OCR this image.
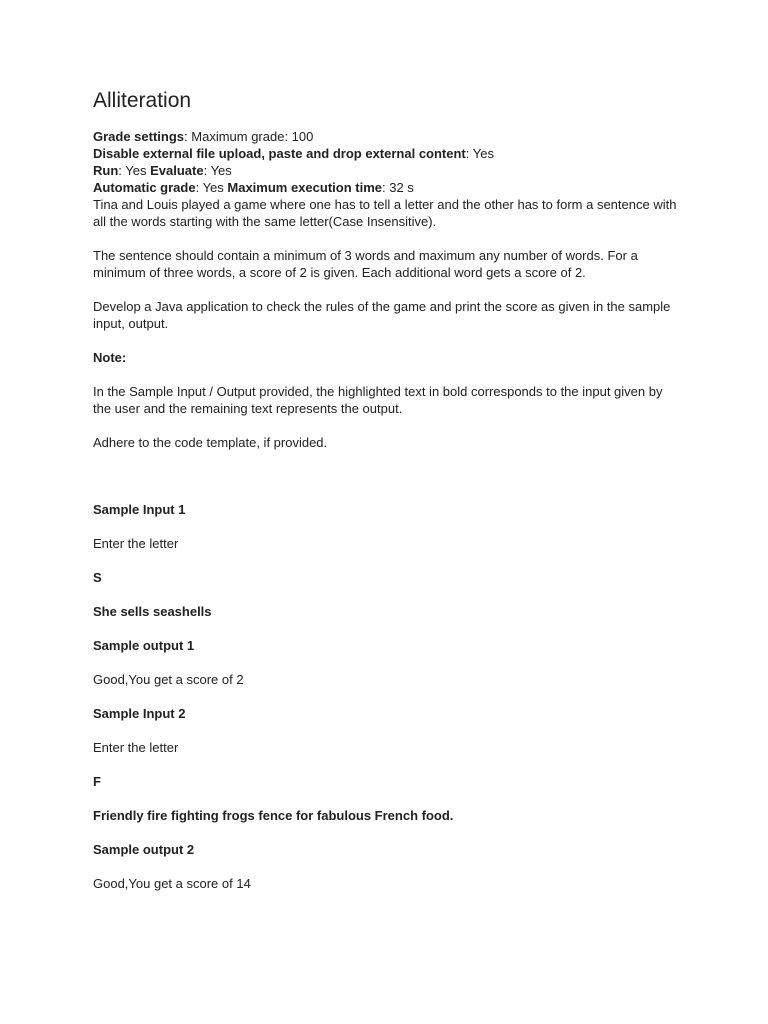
Alliteration

Grade settings: Maximum grade: 100

Disable external file upload, paste and drop external content: Yes

Run: Yes Evaluate: Yes

Automatic grade: Yes Maximum execution time: 32 s

Tina and Louis played a game where one has to tell a letter and the other has to form a sentence with all the words starting with the same letter(Case Insensitive).

The sentence should contain a minimum of 3 words and maximum any number of words. For a minimum of three words, a score of 2 is given. Each additional word gets a score of 2.

Develop a Java application to check the rules of the game and print the score as given in the sample input, output.

Note:

In the Sample Input / Output provided, the highlighted text in bold corresponds to the input given by the user and the remaining text represents the output.

Adhere to the code template, if provided.

Sample Input 1

Enter the letter

S

She sells seashells

Sample output 1

Good,You get a score of 2

Sample Input 2

Enter the letter

F

Friendly fire fighting frogs fence for fabulous French food.

Sample output 2

Good,You get a score of 14
